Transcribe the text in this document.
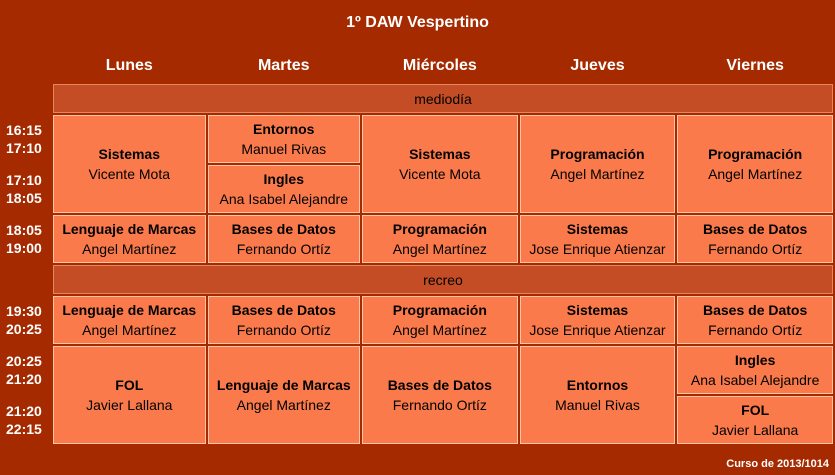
1º DAW Vespertino
	Lunes	Martes	Miércoles	Jueves	Viernes
	mediodía				

16:15
17:10	Sistemas
Vicente Mota	Entornos
Manuel Rivas	Sistemas
Vicente Mota	Programación
Angel Martínez	Programación
Angel Martínez

17:10
18:05		Ingles
Ana Isabel Alejandre			

18:05
19:00	Lenguaje de Marcas
Angel Martínez	Bases de Datos
Fernando Ortíz	Programación
Angel Martínez	Sistemas
Jose Enrique Atienzar	Bases de Datos
Fernando Ortíz

	recreo				

19:30
20:25	Lenguaje de Marcas
Angel Martínez	Bases de Datos
Fernando Ortíz	Programación
Angel Martínez	Sistemas
Jose Enrique Atienzar	Bases de Datos
Fernando Ortíz

20:25
21:20	FOL
Javier Lallana	Lenguaje de Marcas
Angel Martínez	Bases de Datos
Fernando Ortíz	Entornos
Manuel Rivas	Ingles
Ana Isabel Alejandre

21:20
22:15					FOL
Javier Lallana
Curso de 2013/1014
